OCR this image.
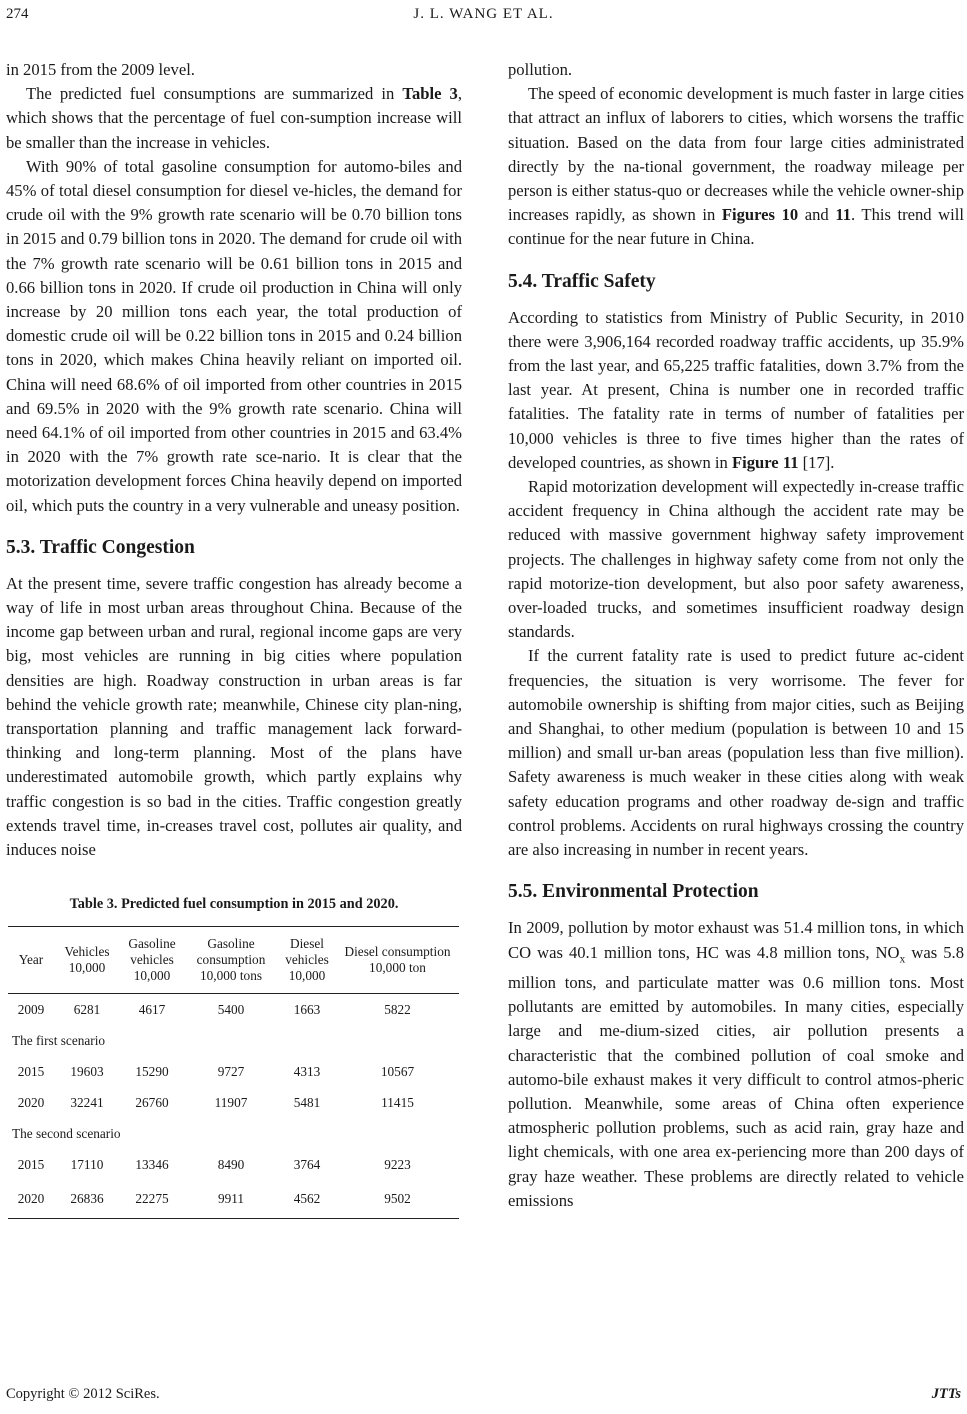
274	J. L. WANG ET AL.

in 2015 from the 2009 level.

The predicted fuel consumptions are summarized in Table 3, which shows that the percentage of fuel con-sumption increase will be smaller than the increase in vehicles.

With 90% of total gasoline consumption for automo-biles and 45% of total diesel consumption for diesel ve-hicles, the demand for crude oil with the 9% growth rate scenario will be 0.70 billion tons in 2015 and 0.79 billion tons in 2020. The demand for crude oil with the 7% growth rate scenario will be 0.61 billion tons in 2015 and 0.66 billion tons in 2020. If crude oil production in China will only increase by 20 million tons each year, the total production of domestic crude oil will be 0.22 billion tons in 2015 and 0.24 billion tons in 2020, which makes China heavily reliant on imported oil. China will need 68.6% of oil imported from other countries in 2015 and 69.5% in 2020 with the 9% growth rate scenario. China will need 64.1% of oil imported from other countries in 2015 and 63.4% in 2020 with the 7% growth rate sce-nario. It is clear that the motorization development forces China heavily depend on imported oil, which puts the country in a very vulnerable and uneasy position.

5.3. Traffic Congestion

At the present time, severe traffic congestion has already become a way of life in most urban areas throughout China. Because of the income gap between urban and rural, regional income gaps are very big, most vehicles are running in big cities where population densities are high. Roadway construction in urban areas is far behind the vehicle growth rate; meanwhile, Chinese city plan-ning, transportation planning and traffic management lack forward-thinking and long-term planning. Most of the plans have underestimated automobile growth, which partly explains why traffic congestion is so bad in the cities. Traffic congestion greatly extends travel time, in-creases travel cost, pollutes air quality, and induces noise

Table 3. Predicted fuel consumption in 2015 and 2020.
Year	Vehicles 10,000	Gasoline vehicles 10,000	Gasoline consumption 10,000 tons	Diesel vehicles 10,000	Diesel consumption 10,000 ton
2009	6281	4617	5400	1663	5822
The first scenario					
2015	19603	15290	9727	4313	10567
2020	32241	26760	11907	5481	11415
The second scenario					
2015	17110	13346	8490	3764	9223
2020	26836	22275	9911	4562	9502

pollution.

The speed of economic development is much faster in large cities that attract an influx of laborers to cities, which worsens the traffic situation. Based on the data from four large cities administrated directly by the na-tional government, the roadway mileage per person is either status-quo or decreases while the vehicle owner-ship increases rapidly, as shown in Figures 10 and 11. This trend will continue for the near future in China.

5.4. Traffic Safety

According to statistics from Ministry of Public Security, in 2010 there were 3,906,164 recorded roadway traffic accidents, up 35.9% from the last year, and 65,225 traffic fatalities, down 3.7% from the last year. At present, China is number one in recorded traffic fatalities. The fatality rate in terms of number of fatalities per 10,000 vehicles is three to five times higher than the rates of developed countries, as shown in Figure 11 [17].

Rapid motorization development will expectedly in-crease traffic accident frequency in China although the accident rate may be reduced with massive government highway safety improvement projects. The challenges in highway safety come from not only the rapid motorize-tion development, but also poor safety awareness, over-loaded trucks, and sometimes insufficient roadway design standards.

If the current fatality rate is used to predict future ac-cident frequencies, the situation is very worrisome. The fever for automobile ownership is shifting from major cities, such as Beijing and Shanghai, to other medium (population is between 10 and 15 million) and small ur-ban areas (population less than five million). Safety awareness is much weaker in these cities along with weak safety education programs and other roadway de-sign and traffic control problems. Accidents on rural highways crossing the country are also increasing in number in recent years.

5.5. Environmental Protection

In 2009, pollution by motor exhaust was 51.4 million tons, in which CO was 40.1 million tons, HC was 4.8 million tons, $NO_x$ was 5.8 million tons, and particulate matter was 0.6 million tons. Most pollutants are emitted by automobiles. In many cities, especially large and me-dium-sized cities, air pollution presents a characteristic that the combined pollution of coal smoke and automo-bile exhaust makes it very difficult to control atmos-pheric pollution. Meanwhile, some areas of China often experience atmospheric pollution problems, such as acid rain, gray haze and light chemicals, with one area ex-periencing more than 200 days of gray haze weather. These problems are directly related to vehicle emissions

Copyright © 2012 SciRes.	JTTs
